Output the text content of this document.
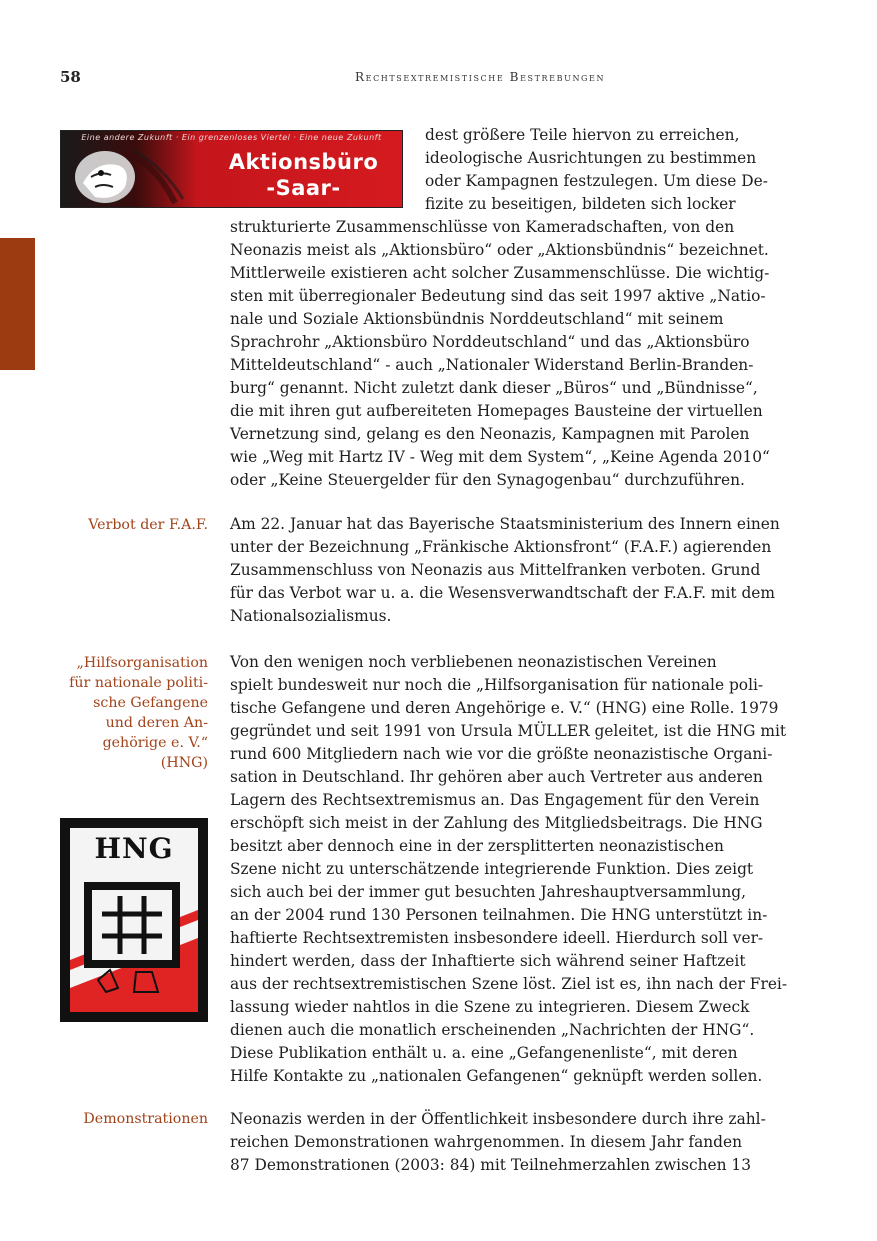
58	Rechtsextremistische Bestrebungen
Eine andere Zukunft · Ein grenzenloses Viertel · Eine neue Zukunft
Aktionsbüro
-Saar-
dest größere Teile hiervon zu erreichen,
ideologische Ausrichtungen zu bestimmen
oder Kampagnen festzulegen. Um diese De-
fizite zu beseitigen, bildeten sich locker
strukturierte Zusammenschlüsse von Kameradschaften, von den
Neonazis meist als „Aktionsbüro“ oder „Aktionsbündnis“ bezeichnet.
Mittlerweile existieren acht solcher Zusammenschlüsse. Die wichtig-
sten mit überregionaler Bedeutung sind das seit 1997 aktive „Natio-
nale und Soziale Aktionsbündnis Norddeutschland“ mit seinem
Sprachrohr „Aktionsbüro Norddeutschland“ und das „Aktionsbüro
Mitteldeutschland“ - auch „Nationaler Widerstand Berlin-Branden-
burg“ genannt. Nicht zuletzt dank dieser „Büros“ und „Bündnisse“,
die mit ihren gut aufbereiteten Homepages Bausteine der virtuellen
Vernetzung sind, gelang es den Neonazis, Kampagnen mit Parolen
wie „Weg mit Hartz IV - Weg mit dem System“, „Keine Agenda 2010“
oder „Keine Steuergelder für den Synagogenbau“ durchzuführen.
Verbot der F.A.F. Am 22. Januar hat das Bayerische Staatsministerium des Innern einen
unter der Bezeichnung „Fränkische Aktionsfront“ (F.A.F.) agierenden
Zusammenschluss von Neonazis aus Mittelfranken verboten. Grund
für das Verbot war u. a. die Wesensverwandtschaft der F.A.F. mit dem
Nationalsozialismus.
„Hilfsorganisation
für nationale politi-
sche Gefangene
und deren An-
gehörige e. V.“
(HNG)
Von den wenigen noch verbliebenen neonazistischen Vereinen
spielt bundesweit nur noch die „Hilfsorganisation für nationale poli-
tische Gefangene und deren Angehörige e. V.“ (HNG) eine Rolle. 1979
gegründet und seit 1991 von Ursula MÜLLER geleitet, ist die HNG mit
rund 600 Mitgliedern nach wie vor die größte neonazistische Organi-
sation in Deutschland. Ihr gehören aber auch Vertreter aus anderen
Lagern des Rechtsextremismus an. Das Engagement für den Verein
erschöpft sich meist in der Zahlung des Mitgliedsbeitrags. Die HNG
besitzt aber dennoch eine in der zersplitterten neonazistischen
Szene nicht zu unterschätzende integrierende Funktion. Dies zeigt
sich auch bei der immer gut besuchten Jahreshauptversammlung,
an der 2004 rund 130 Personen teilnahmen. Die HNG unterstützt in-
haftierte Rechtsextremisten insbesondere ideell. Hierdurch soll ver-
hindert werden, dass der Inhaftierte sich während seiner Haftzeit
aus der rechtsextremistischen Szene löst. Ziel ist es, ihn nach der Frei-
lassung wieder nahtlos in die Szene zu integrieren. Diesem Zweck
dienen auch die monatlich erscheinenden „Nachrichten der HNG“.
Diese Publikation enthält u. a. eine „Gefangenenliste“, mit deren
Hilfe Kontakte zu „nationalen Gefangenen“ geknüpft werden sollen.
HNG
Demonstrationen Neonazis werden in der Öffentlichkeit insbesondere durch ihre zahl-
reichen Demonstrationen wahrgenommen. In diesem Jahr fanden
87 Demonstrationen (2003: 84) mit Teilnehmerzahlen zwischen 13
